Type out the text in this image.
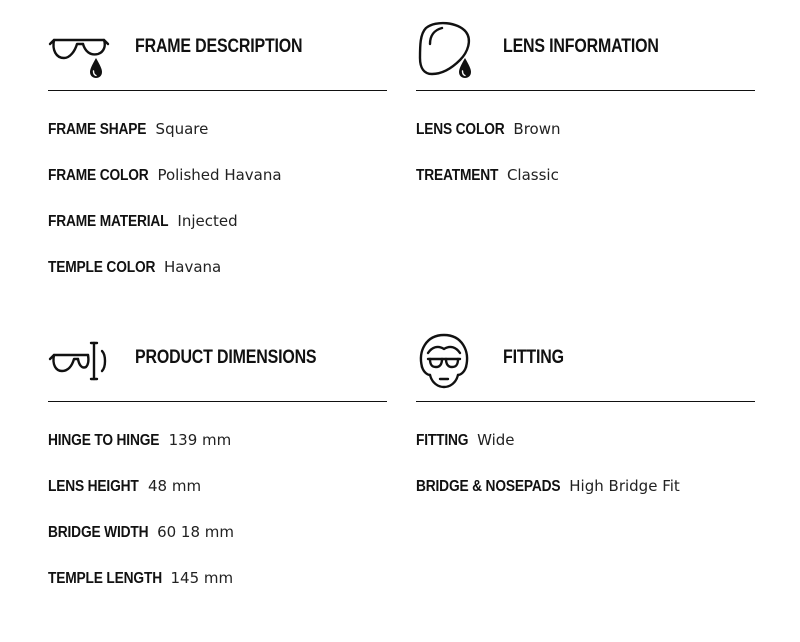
FRAME DESCRIPTION
FRAME SHAPE Square
FRAME COLOR Polished Havana
FRAME MATERIAL Injected
TEMPLE COLOR Havana
LENS INFORMATION
LENS COLOR Brown
TREATMENT Classic
PRODUCT DIMENSIONS
HINGE TO HINGE 139 mm
LENS HEIGHT 48 mm
BRIDGE WIDTH 60 18 mm
TEMPLE LENGTH 145 mm
FITTING
FITTING Wide
BRIDGE & NOSEPADS High Bridge Fit
